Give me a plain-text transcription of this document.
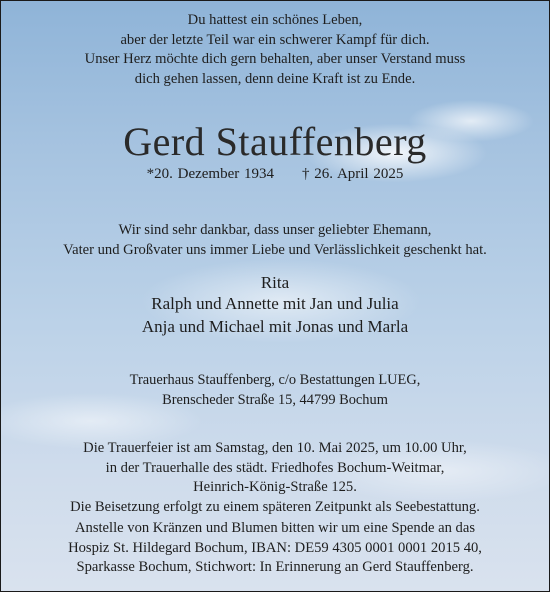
Du hattest ein schönes Leben,
aber der letzte Teil war ein schwerer Kampf für dich.
Unser Herz möchte dich gern behalten, aber unser Verstand muss
dich gehen lassen, denn deine Kraft ist zu Ende.
Gerd Stauffenberg
*20. Dezember 1934 † 26. April 2025
Wir sind sehr dankbar, dass unser geliebter Ehemann,
Vater und Großvater uns immer Liebe und Verlässlichkeit geschenkt hat.
Rita
Ralph und Annette mit Jan und Julia
Anja und Michael mit Jonas und Marla
Trauerhaus Stauffenberg, c/o Bestattungen LUEG,
Brenscheder Straße 15, 44799 Bochum
Die Trauerfeier ist am Samstag, den 10. Mai 2025, um 10.00 Uhr,
in der Trauerhalle des städt. Friedhofes Bochum-Weitmar,
Heinrich-König-Straße 125.
Die Beisetzung erfolgt zu einem späteren Zeitpunkt als Seebestattung.
Anstelle von Kränzen und Blumen bitten wir um eine Spende an das
Hospiz St. Hildegard Bochum, IBAN: DE59 4305 0001 0001 2015 40,
Sparkasse Bochum, Stichwort: In Erinnerung an Gerd Stauffenberg.
